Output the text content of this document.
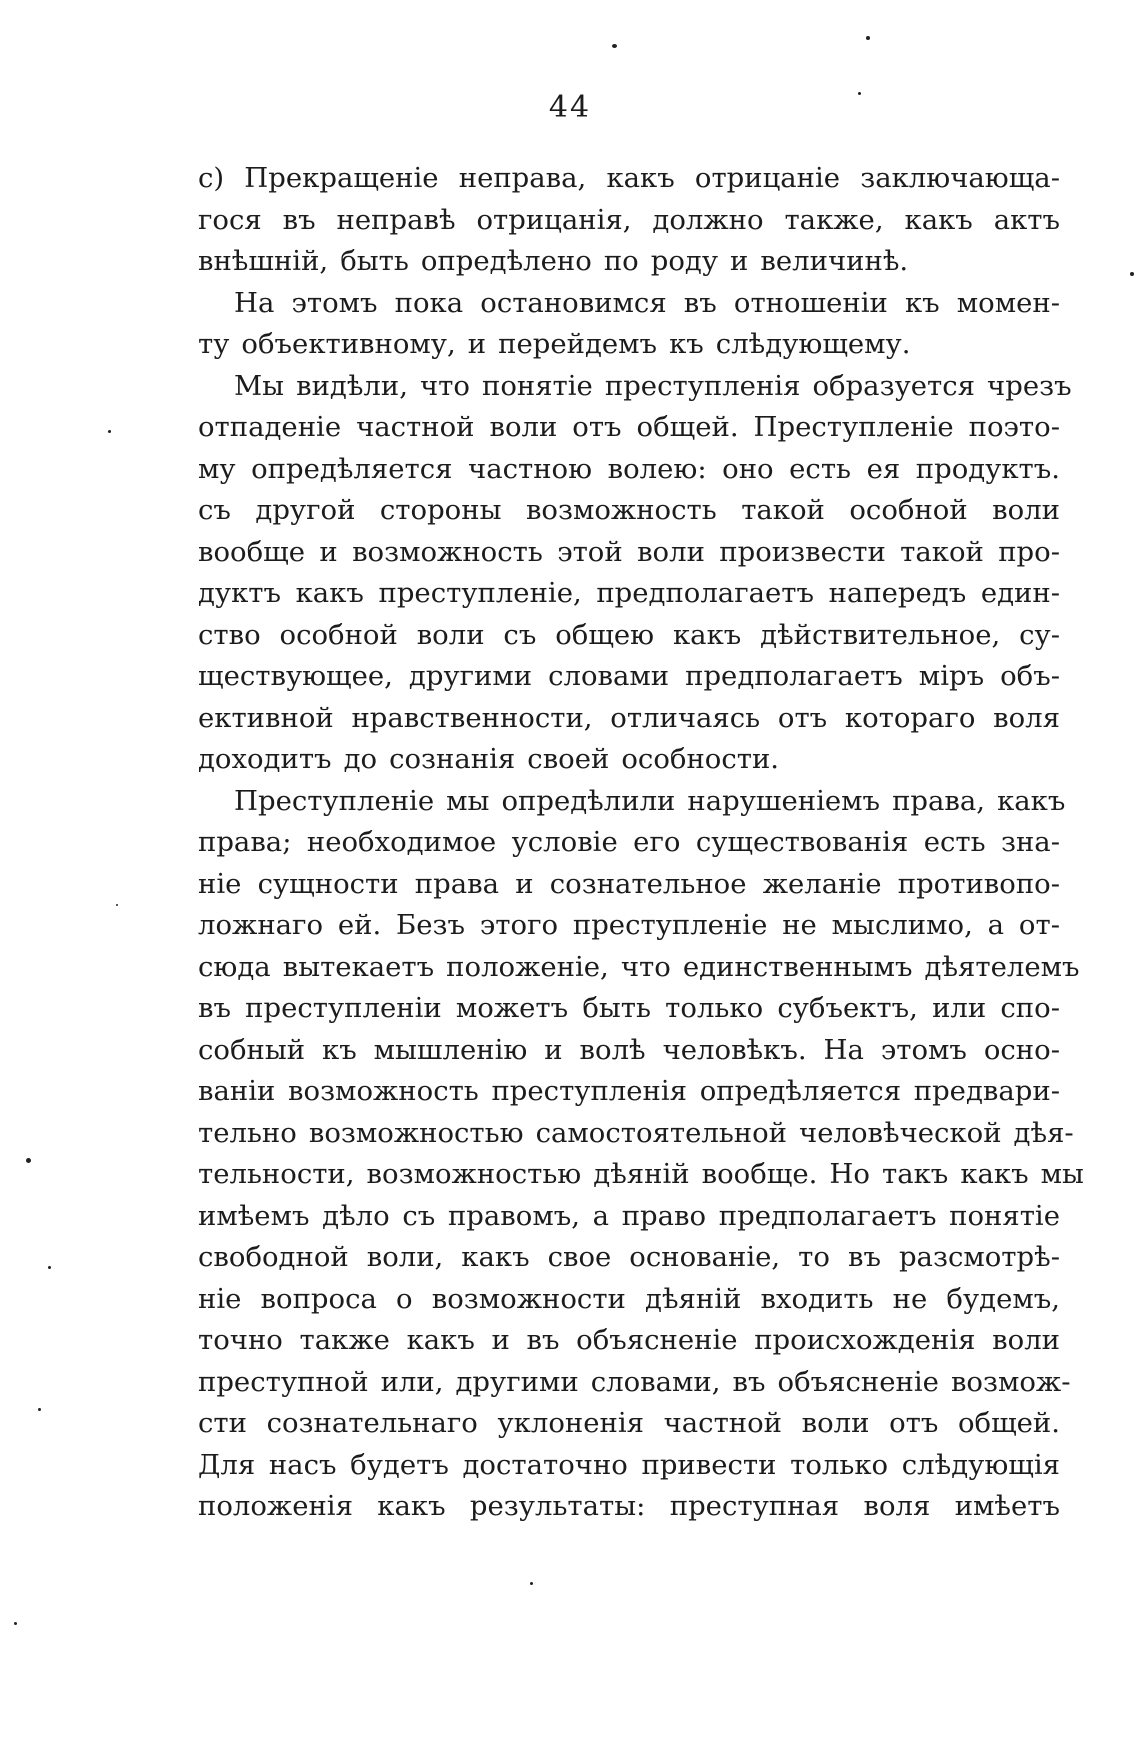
44

c) Прекращеніе неправа, какъ отрицаніе заключающа-
гося въ неправѣ отрицанія, должно также, какъ актъ
внѣшній, быть опредѣлено по роду и величинѣ.

На этомъ пока остановимся въ отношеніи къ момен-
ту объективному, и перейдемъ къ слѣдующему.

Мы видѣли, что понятіе преступленія образуется чрезъ
отпаденіе частной воли отъ общей. Преступленіе поэто-
му опредѣляется частною волею: оно есть ея продуктъ.
съ другой стороны возможность такой особной воли
вообще и возможность этой воли произвести такой про-
дуктъ какъ преступленіе, предполагаетъ напередъ един-
ство особной воли съ общею какъ дѣйствительное, су-
ществующее, другими словами предполагаетъ міръ объ-
ективной нравственности, отличаясь отъ котораго воля
доходитъ до сознанія своей особности.

Преступленіе мы опредѣлили нарушеніемъ права, какъ
права; необходимое условіе его существованія есть зна-
ніе сущности права и сознательное желаніе противопо-
ложнаго ей. Безъ этого преступленіе не мыслимо, а от-
сюда вытекаетъ положеніе, что единственнымъ дѣятелемъ
въ преступленіи можетъ быть только субъектъ, или спо-
собный къ мышленію и волѣ человѣкъ. На этомъ осно-
ваніи возможность преступленія опредѣляется предвари-
тельно возможностью самостоятельной человѣческой дѣя-
тельности, возможностью дѣяній вообще. Но такъ какъ мы
имѣемъ дѣло съ правомъ, а право предполагаетъ понятіе
свободной воли, какъ свое основаніе, то въ разсмотрѣ-
ніе вопроса о возможности дѣяній входить не будемъ,
точно также какъ и въ объясненіе происхожденія воли
преступной или, другими словами, въ объясненіе возмож-
сти сознательнаго уклоненія частной воли отъ общей.
Для насъ будетъ достаточно привести только слѣдующія
положенія какъ результаты: преступная воля имѣетъ
